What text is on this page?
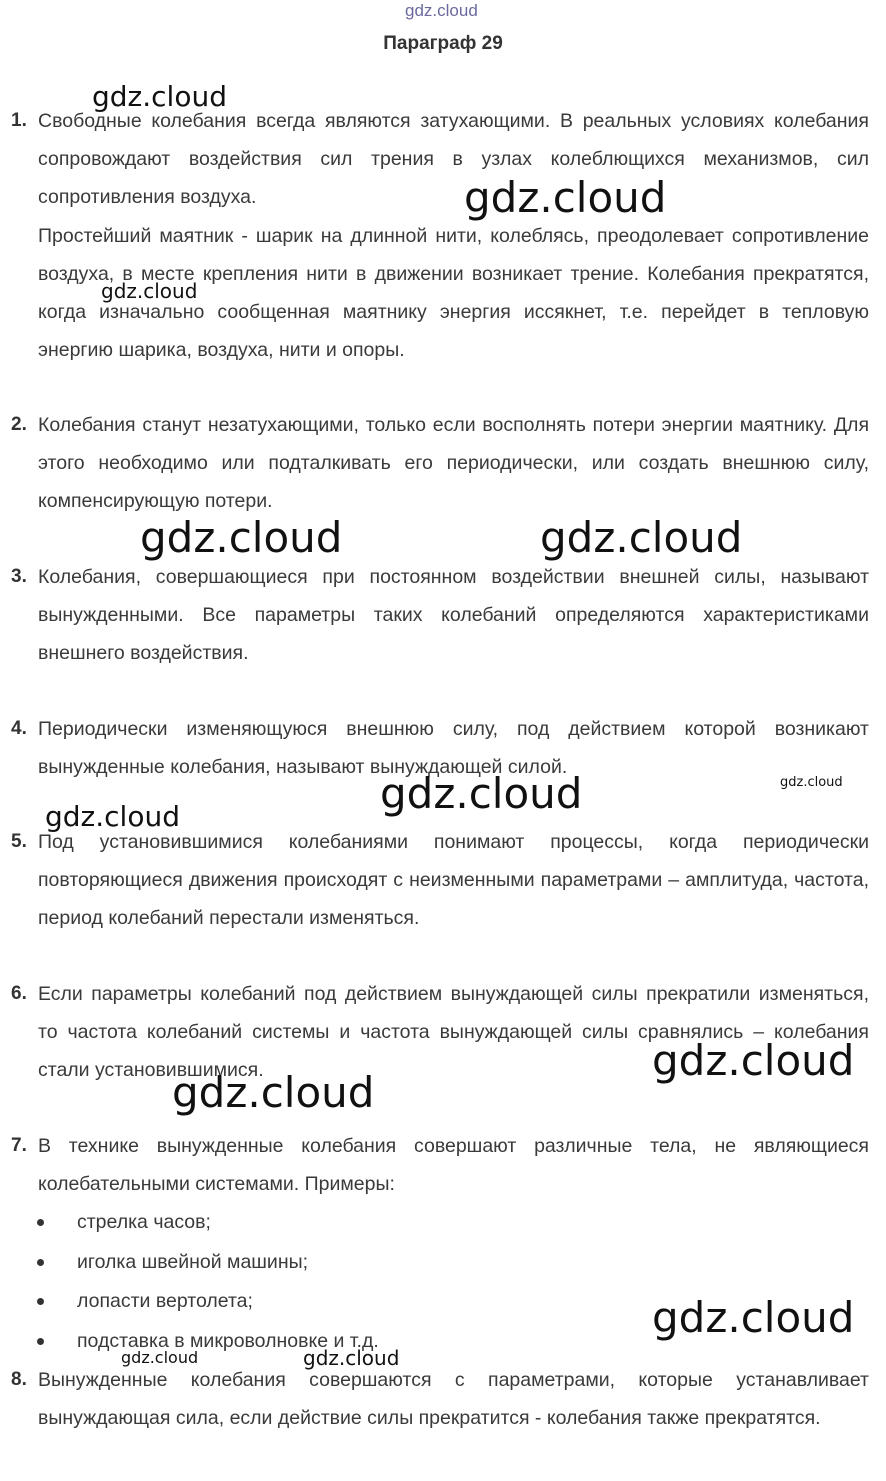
gdz.cloud
Параграф 29
1. Свободные колебания всегда являются затухающими. В реальных условиях колебания сопровождают воздействия сил трения в узлах колеблющихся механизмов, сил сопротивления воздуха.
Простейший маятник - шарик на длинной нити, колеблясь, преодолевает сопротивление воздуха, в месте крепления нити в движении возникает трение. Колебания прекратятся, когда изначально сообщенная маятнику энергия иссякнет, т.е. перейдет в тепловую энергию шарика, воздуха, нити и опоры.
2. Колебания станут незатухающими, только если восполнять потери энергии маятнику. Для этого необходимо или подталкивать его периодически, или создать внешнюю силу, компенсирующую потери.
3. Колебания, совершающиеся при постоянном воздействии внешней силы, называют вынужденными. Все параметры таких колебаний определяются характеристиками внешнего воздействия.
4. Периодически изменяющуюся внешнюю силу, под действием которой возникают вынужденные колебания, называют вынуждающей силой.
5. Под установившимися колебаниями понимают процессы, когда периодически повторяющиеся движения происходят с неизменными параметрами – амплитуда, частота, период колебаний перестали изменяться.
6. Если параметры колебаний под действием вынуждающей силы прекратили изменяться, то частота колебаний системы и частота вынуждающей силы сравнялись – колебания стали установившимися.
7. В технике вынужденные колебания совершают различные тела, не являющиеся колебательными системами. Примеры:
стрелка часов;
иголка швейной машины;
лопасти вертолета;
подставка в микроволновке и т.д.
8. Вынужденные колебания совершаются с параметрами, которые устанавливает вынуждающая сила, если действие силы прекратится - колебания также прекратятся.
gdz.cloud
gdz.cloud
gdz.cloud
gdz.cloud	gdz.cloud
gdz.cloud
gdz.cloud
gdz.cloud
gdz.cloud
gdz.cloud
gdz.cloud
gdz.cloud
gdz.cloud
